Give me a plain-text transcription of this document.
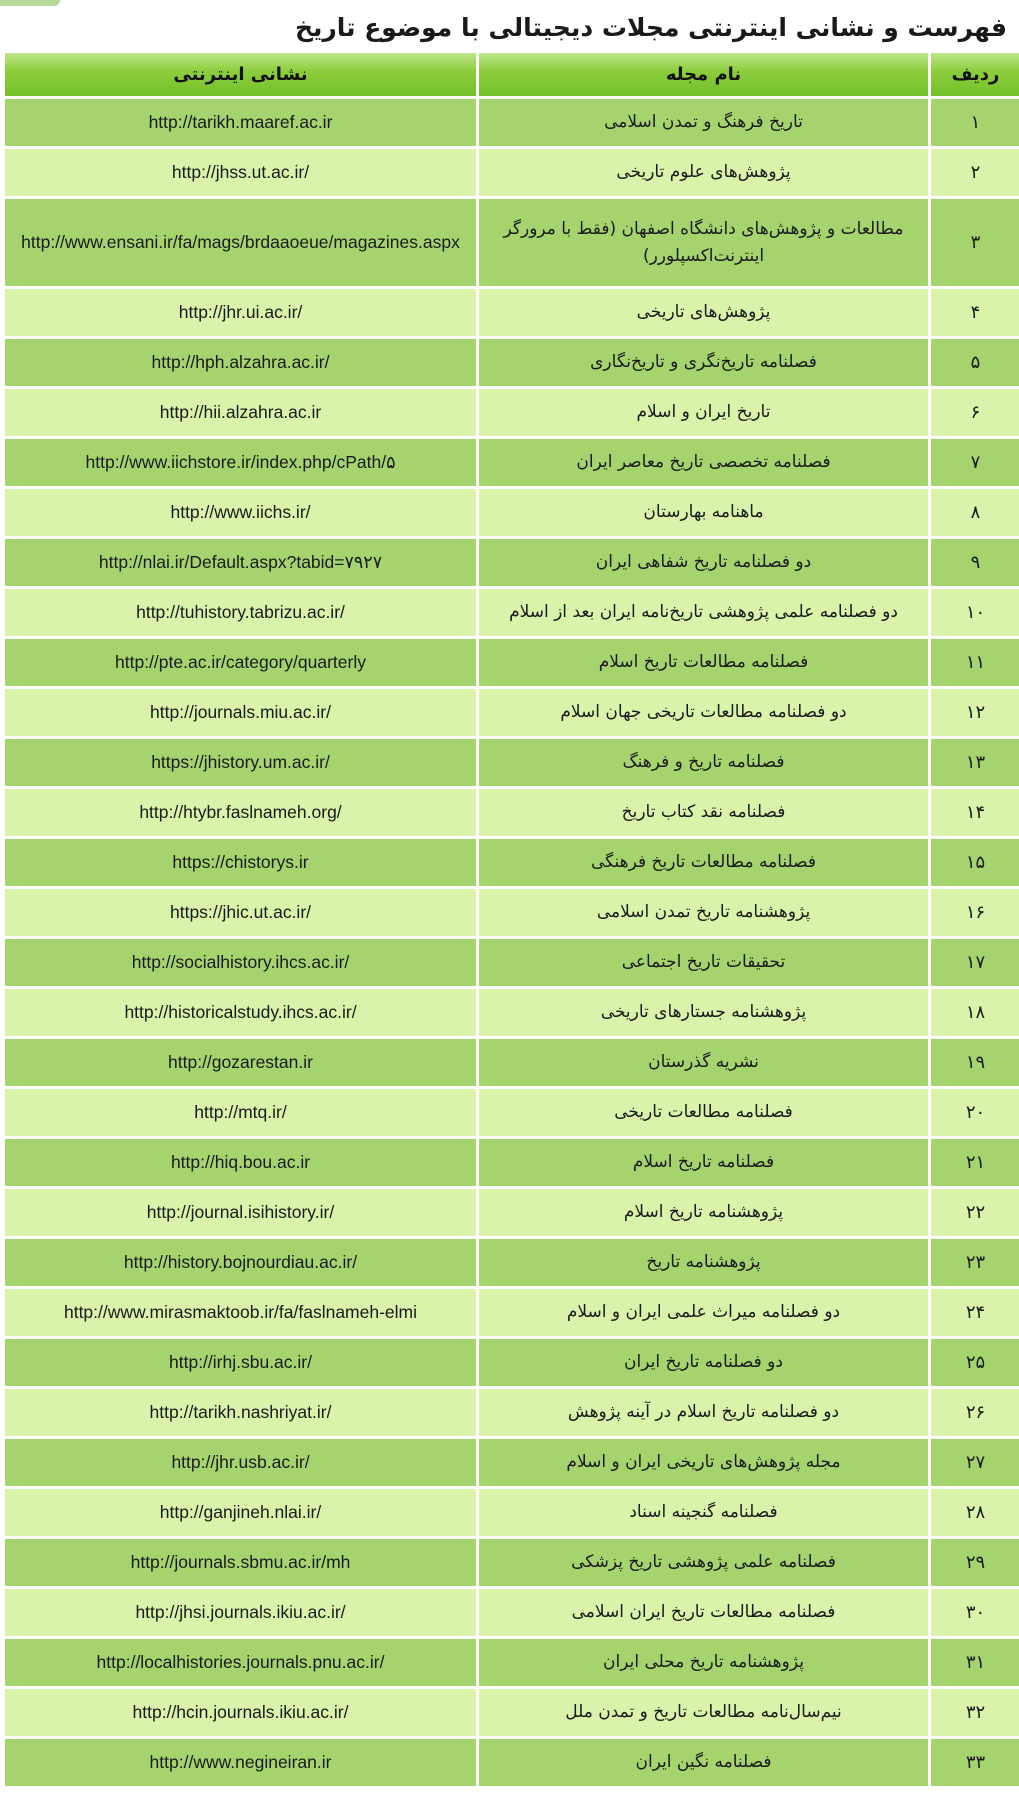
فهرست و نشانی اینترنتی مجلات دیجیتالی با موضوع تاریخ
ردیف	نام مجله	نشانی اینترنتی
۱	تاریخ فرهنگ و تمدن اسلامی	http://tarikh.maaref.ac.ir
۲	پژوهش‌های علوم تاریخی	http://jhss.ut.ac.ir/
۳	مطالعات و پژوهش‌های دانشگاه اصفهان (فقط با مرورگر اینترنت‌اکسپلورر)	http://www.ensani.ir/fa/mags/brdaaoeue/magazines.aspx
۴	پژوهش‌های تاریخی	http://jhr.ui.ac.ir/
۵	فصلنامه تاریخ‌نگری و تاریخ‌نگاری	http://hph.alzahra.ac.ir/
۶	تاریخ ایران و اسلام	http://hii.alzahra.ac.ir
۷	فصلنامه تخصصی تاریخ معاصر ایران	http://www.iichstore.ir/index.php/cPath/۵
۸	ماهنامه بهارستان	http://www.iichs.ir/
۹	دو فصلنامه تاریخ شفاهی ایران	http://nlai.ir/Default.aspx?tabid=۷۹۲۷
۱۰	دو فصلنامه علمی پژوهشی تاریخ‌نامه ایران بعد از اسلام	http://tuhistory.tabrizu.ac.ir/
۱۱	فصلنامه مطالعات تاریخ اسلام	http://pte.ac.ir/category/quarterly
۱۲	دو فصلنامه مطالعات تاریخی جهان اسلام	http://journals.miu.ac.ir/
۱۳	فصلنامه تاریخ و فرهنگ	https://jhistory.um.ac.ir/
۱۴	فصلنامه نقد کتاب تاریخ	http://htybr.faslnameh.org/
۱۵	فصلنامه مطالعات تاریخ فرهنگی	https://chistorys.ir
۱۶	پژوهشنامه تاریخ تمدن اسلامی	https://jhic.ut.ac.ir/
۱۷	تحقیقات تاریخ اجتماعی	http://socialhistory.ihcs.ac.ir/
۱۸	پژوهشنامه جستارهای تاریخی	http://historicalstudy.ihcs.ac.ir/
۱۹	نشریه گذرستان	http://gozarestan.ir
۲۰	فصلنامه مطالعات تاریخی	http://mtq.ir/
۲۱	فصلنامه تاریخ اسلام	http://hiq.bou.ac.ir
۲۲	پژوهشنامه تاریخ اسلام	http://journal.isihistory.ir/
۲۳	پژوهشنامه تاریخ	http://history.bojnourdiau.ac.ir/
۲۴	دو فصلنامه میراث علمی ایران و اسلام	http://www.mirasmaktoob.ir/fa/faslnameh-elmi
۲۵	دو فصلنامه تاریخ ایران	http://irhj.sbu.ac.ir/
۲۶	دو فصلنامه تاریخ اسلام در آینه پژوهش	http://tarikh.nashriyat.ir/
۲۷	مجله پژوهش‌های تاریخی ایران و اسلام	http://jhr.usb.ac.ir/
۲۸	فصلنامه گنجینه اسناد	http://ganjineh.nlai.ir/
۲۹	فصلنامه علمی پژوهشی تاریخ پزشکی	http://journals.sbmu.ac.ir/mh
۳۰	فصلنامه مطالعات تاریخ ایران اسلامی	http://jhsi.journals.ikiu.ac.ir/
۳۱	پژوهشنامه تاریخ محلی ایران	http://localhistories.journals.pnu.ac.ir/
۳۲	نیم‌سال‌نامه مطالعات تاریخ و تمدن ملل	http://hcin.journals.ikiu.ac.ir/
۳۳	فصلنامه نگین ایران	http://www.negineiran.ir
